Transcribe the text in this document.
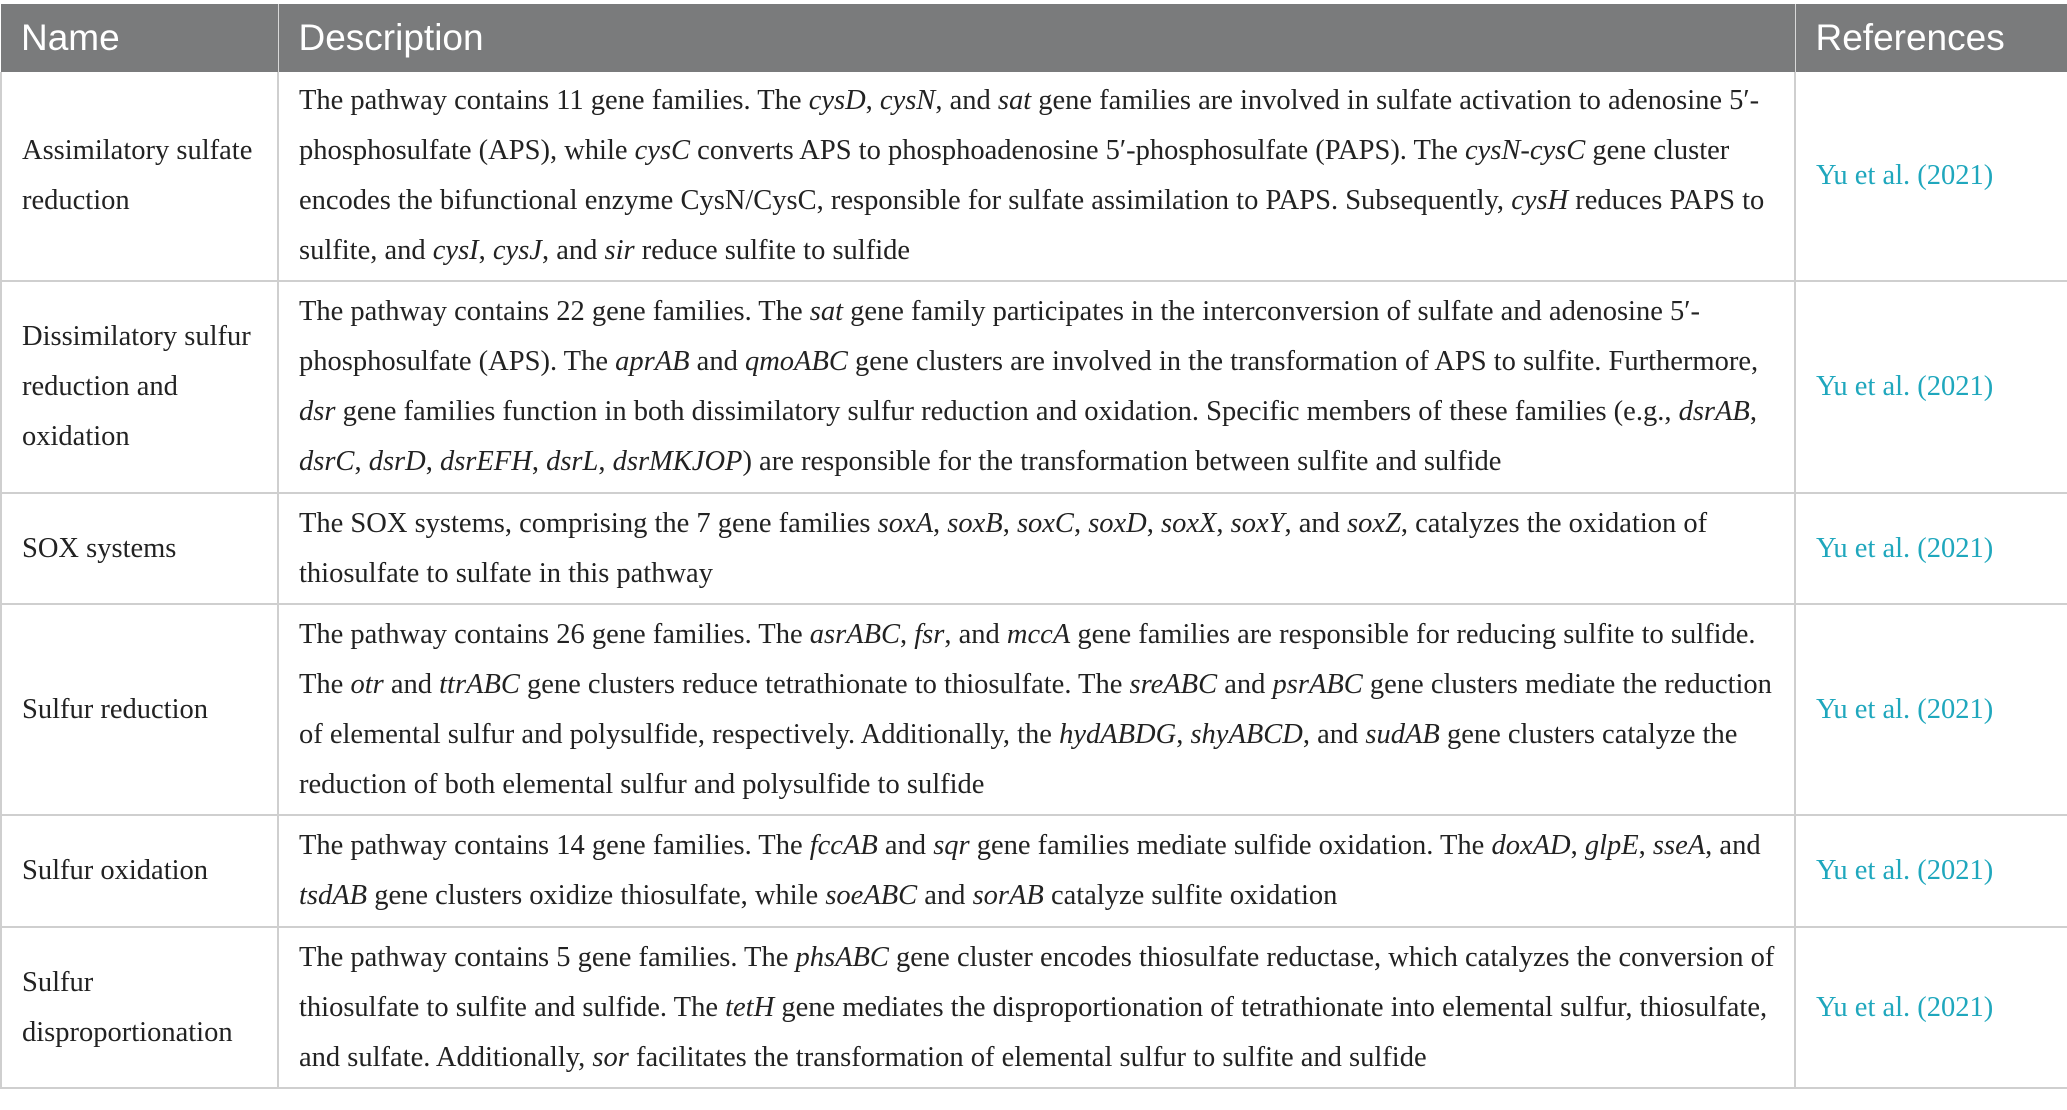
Name	Description	References
Assimilatory sulfate reduction	The pathway contains 11 gene families. The cysD, cysN, and sat gene families are involved in sulfate activation to adenosine 5′-phosphosulfate (APS), while cysC converts APS to phosphoadenosine 5′-phosphosulfate (PAPS). The cysN-cysC gene cluster encodes the bifunctional enzyme CysN/CysC, responsible for sulfate assimilation to PAPS. Subsequently, cysH reduces PAPS to sulfite, and cysI, cysJ, and sir reduce sulfite to sulfide	Yu et al. (2021)
Dissimilatory sulfur reduction and oxidation	The pathway contains 22 gene families. The sat gene family participates in the interconversion of sulfate and adenosine 5′-phosphosulfate (APS). The aprAB and qmoABC gene clusters are involved in the transformation of APS to sulfite. Furthermore, dsr gene families function in both dissimilatory sulfur reduction and oxidation. Specific members of these families (e.g., dsrAB, dsrC, dsrD, dsrEFH, dsrL, dsrMKJOP) are responsible for the transformation between sulfite and sulfide	Yu et al. (2021)
SOX systems	The SOX systems, comprising the 7 gene families soxA, soxB, soxC, soxD, soxX, soxY, and soxZ, catalyzes the oxidation of thiosulfate to sulfate in this pathway	Yu et al. (2021)
Sulfur reduction	The pathway contains 26 gene families. The asrABC, fsr, and mccA gene families are responsible for reducing sulfite to sulfide. The otr and ttrABC gene clusters reduce tetrathionate to thiosulfate. The sreABC and psrABC gene clusters mediate the reduction of elemental sulfur and polysulfide, respectively. Additionally, the hydABDG, shyABCD, and sudAB gene clusters catalyze the reduction of both elemental sulfur and polysulfide to sulfide	Yu et al. (2021)
Sulfur oxidation	The pathway contains 14 gene families. The fccAB and sqr gene families mediate sulfide oxidation. The doxAD, glpE, sseA, and tsdAB gene clusters oxidize thiosulfate, while soeABC and sorAB catalyze sulfite oxidation	Yu et al. (2021)
Sulfur disproportionation	The pathway contains 5 gene families. The phsABC gene cluster encodes thiosulfate reductase, which catalyzes the conversion of thiosulfate to sulfite and sulfide. The tetH gene mediates the disproportionation of tetrathionate into elemental sulfur, thiosulfate, and sulfate. Additionally, sor facilitates the transformation of elemental sulfur to sulfite and sulfide	Yu et al. (2021)
